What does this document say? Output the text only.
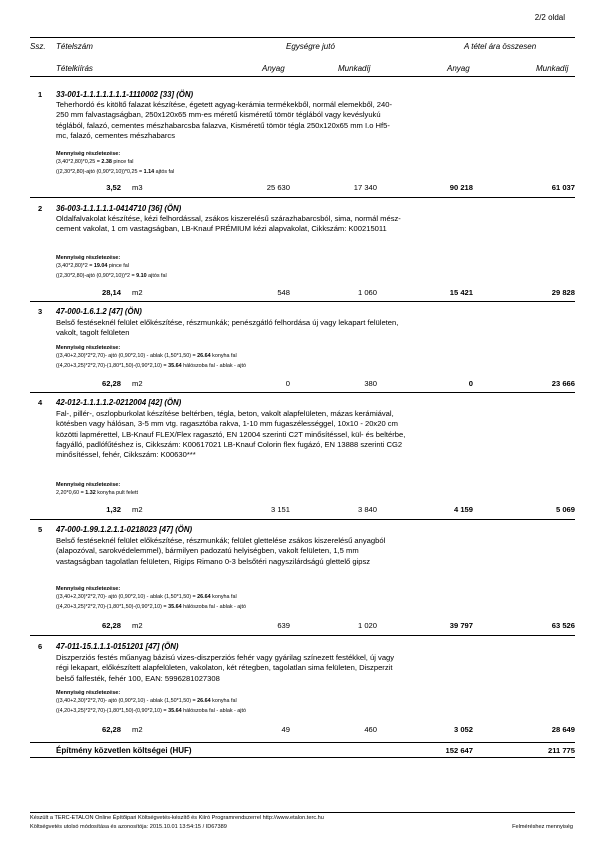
2/2 oldal
Ssz. Tételszám	Egységre jutó	A tétel ára összesen
Tételkiírás	Anyag	Munkadíj	Anyag	Munkadíj
1 33-001-1.1.1.1.1.1.1-1110002 [33] (ÖN)
Teherhordó és kitöltő falazat készítése, égetett agyag-kerámia termékekből, normál elemekből, 240-250 mm falvastagságban, 250x120x65 mm-es méretű kisméretű tömör téglából vagy kevéslyukú téglából, falazó, cementes mészhabarcsba falazva, Kisméretű tömör tégla 250x120x65 mm I.o Hf5-mc, falazó, cementes mészhabarcs
Mennyiség részletezése:
(3,40*2,80)*0,25 = 2.38 pince fal
((2,30*2,80)-ajtó (0,90*2,10))*0,25 = 1.14 ajtós fal
3,52 m3	25 630	17 340	90 218	61 037
2 36-003-1.1.1.1.1-0414710 [36] (ÖN)
Oldalfalvakolat készítése, kézi felhordással, zsákos kiszerelésű szárazhabarcsból, sima, normál mész-cement vakolat, 1 cm vastagságban, LB-Knauf PRÉMIUM kézi alapvakolat, Cikkszám: K00215011
Mennyiség részletezése:
(3,40*2,80)*2 = 19.04 pince fal
((2,30*2,80)-ajtó (0,90*2,10))*2 = 9.10 ajtós fal
28,14 m2	548	1 060	15 421	29 828
3 47-000-1.6.1.2 [47] (ÖN)
Belső festéseknél felület előkészítése, részmunkák; penészgátló felhordása új vagy lekapart felületen, vakolt, tagolt felületen
Mennyiség részletezése:
((3,40+2,30)*2*2,70)- ajtó (0,90*2,10) - ablak (1,50*1,50) = 26.64 konyha fal
((4,20+3,25)*2*2,70)-(1,80*1,50)-(0,90*2,10) = 35.64 hálószoba fal - ablak - ajtó
62,28 m2	0	380	0	23 666
4 42-012-1.1.1.1.2-0212004 [42] (ÖN)
Fal-, pillér-, oszlopburkolat készítése beltérben, tégla, beton, vakolt alapfelületen, mázas kerámiával, kötésben vagy hálósan, 3-5 mm vtg. ragasztóba rakva, 1-10 mm fugaszélességgel, 10x10 - 20x20 cm közötti lapmérettel, LB-Knauf FLEX/Flex ragasztó, EN 12004 szerinti C2T minősítéssel, kül- és beltérbe, fagyálló, padlófűtéshez is, Cikkszám: K00617021 LB-Knauf Colorin flex fugázó, EN 13888 szerinti CG2 minősítéssel, fehér, Cikkszám: K00630***
Mennyiség részletezése:
2,20*0,60 = 1.32 konyha pult felett
1,32 m2	3 151	3 840	4 159	5 069
5 47-000-1.99.1.2.1.1-0218023 [47] (ÖN)
Belső festéseknél felület előkészítése, részmunkák; felület glettelése zsákos kiszerelésű anyagból (alapozóval, sarokvédelemmel), bármilyen padozatú helyiségben, vakolt felületen, 1,5 mm vastagságban tagolatlan felületen, Rigips Rimano 0-3 belsőtéri nagyszilárdságú glettelő gipsz
Mennyiség részletezése:
((3,40+2,30)*2*2,70)- ajtó (0,90*2,10) - ablak (1,50*1,50) = 26.64 konyha fal
((4,20+3,25)*2*2,70)-(1,80*1,50)-(0,90*2,10) = 35.64 hálószoba fal - ablak - ajtó
62,28 m2	639	1 020	39 797	63 526
6 47-011-15.1.1.1-0151201 [47] (ÖN)
Diszperziós festés műanyag bázisú vizes-diszperziós fehér vagy gyárilag színezett festékkel, új vagy régi lekapart, előkészített alapfelületen, vakolaton, két rétegben, tagolatlan sima felületen, Diszperzit belső falfesték, fehér 100, EAN: 5996281027308
Mennyiség részletezése:
((3,40+2,30)*2*2,70)- ajtó (0,90*2,10) - ablak (1,50*1,50) = 26.64 konyha fal
((4,20+3,25)*2*2,70)-(1,80*1,50)-(0,90*2,10) = 35.64 hálószoba fal - ablak - ajtó
62,28 m2	49	460	3 052	28 649
Építmény közvetlen költségei (HUF)	152 647	211 775
Készült a TERC-ETALON Online Építőipari Költségvetés-készítő és Kiíró Programrendszerrel http://www.etalon.terc.hu
Költségvetés utolsó módosítása és azonosítója: 2015.10.01 13:54:15 / ID67389	Felméréshez mennyiség
